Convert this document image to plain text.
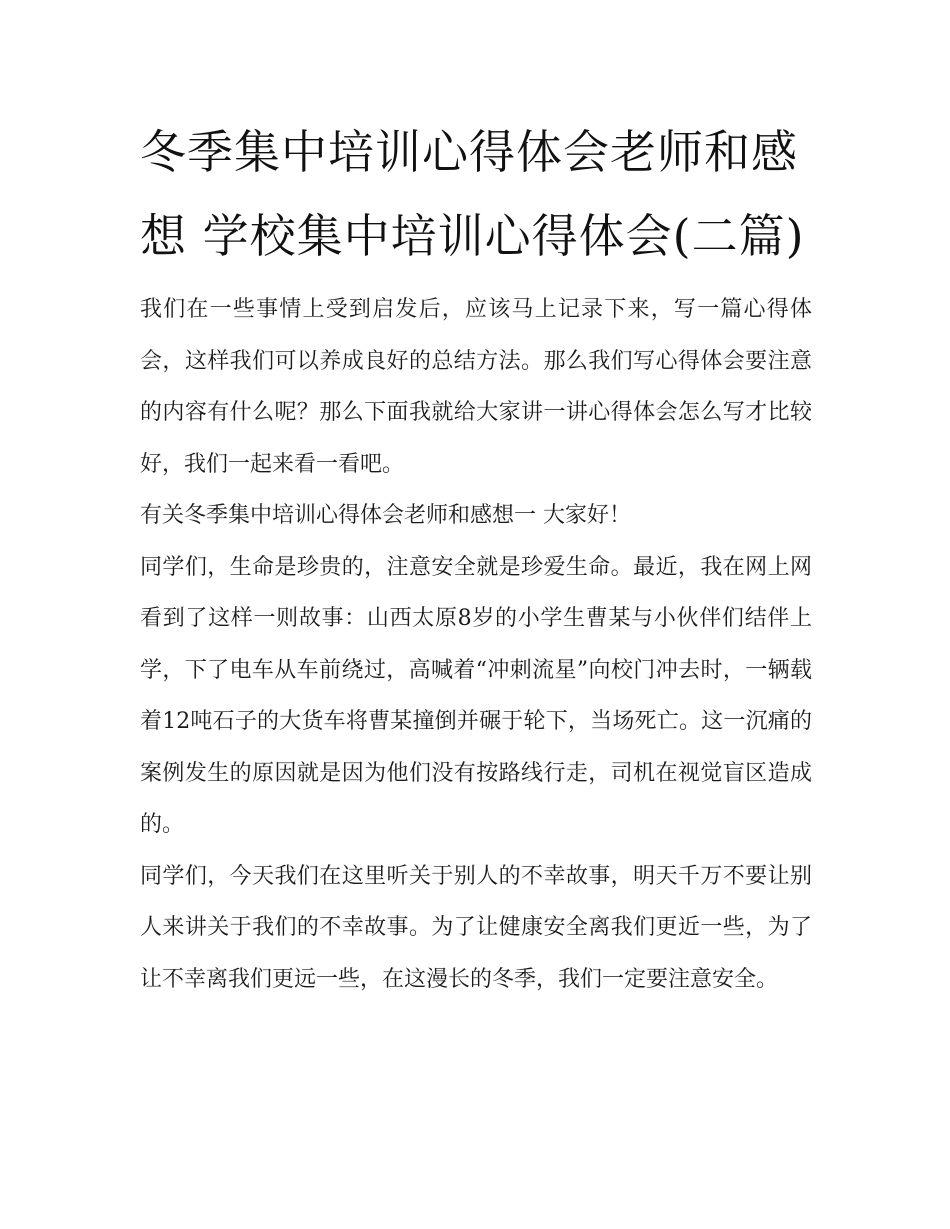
冬季集中培训心得体会老师和感想 学校集中培训心得体会(二篇)

我们在一些事情上受到启发后，应该马上记录下来，写一篇心得体会，这样我们可以养成良好的总结方法。那么我们写心得体会要注意的内容有什么呢？那么下面我就给大家讲一讲心得体会怎么写才比较好，我们一起来看一看吧。

有关冬季集中培训心得体会老师和感想一 大家好！

同学们，生命是珍贵的，注意安全就是珍爱生命。最近，我在网上网看到了这样一则故事：山西太原8岁的小学生曹某与小伙伴们结伴上学，下了电车从车前绕过，高喊着“冲刺流星”向校门冲去时，一辆载着12吨石子的大货车将曹某撞倒并碾于轮下，当场死亡。这一沉痛的案例发生的原因就是因为他们没有按路线行走，司机在视觉盲区造成的。

同学们，今天我们在这里听关于别人的不幸故事，明天千万不要让别人来讲关于我们的不幸故事。为了让健康安全离我们更近一些，为了让不幸离我们更远一些，在这漫长的冬季，我们一定要注意安全。
